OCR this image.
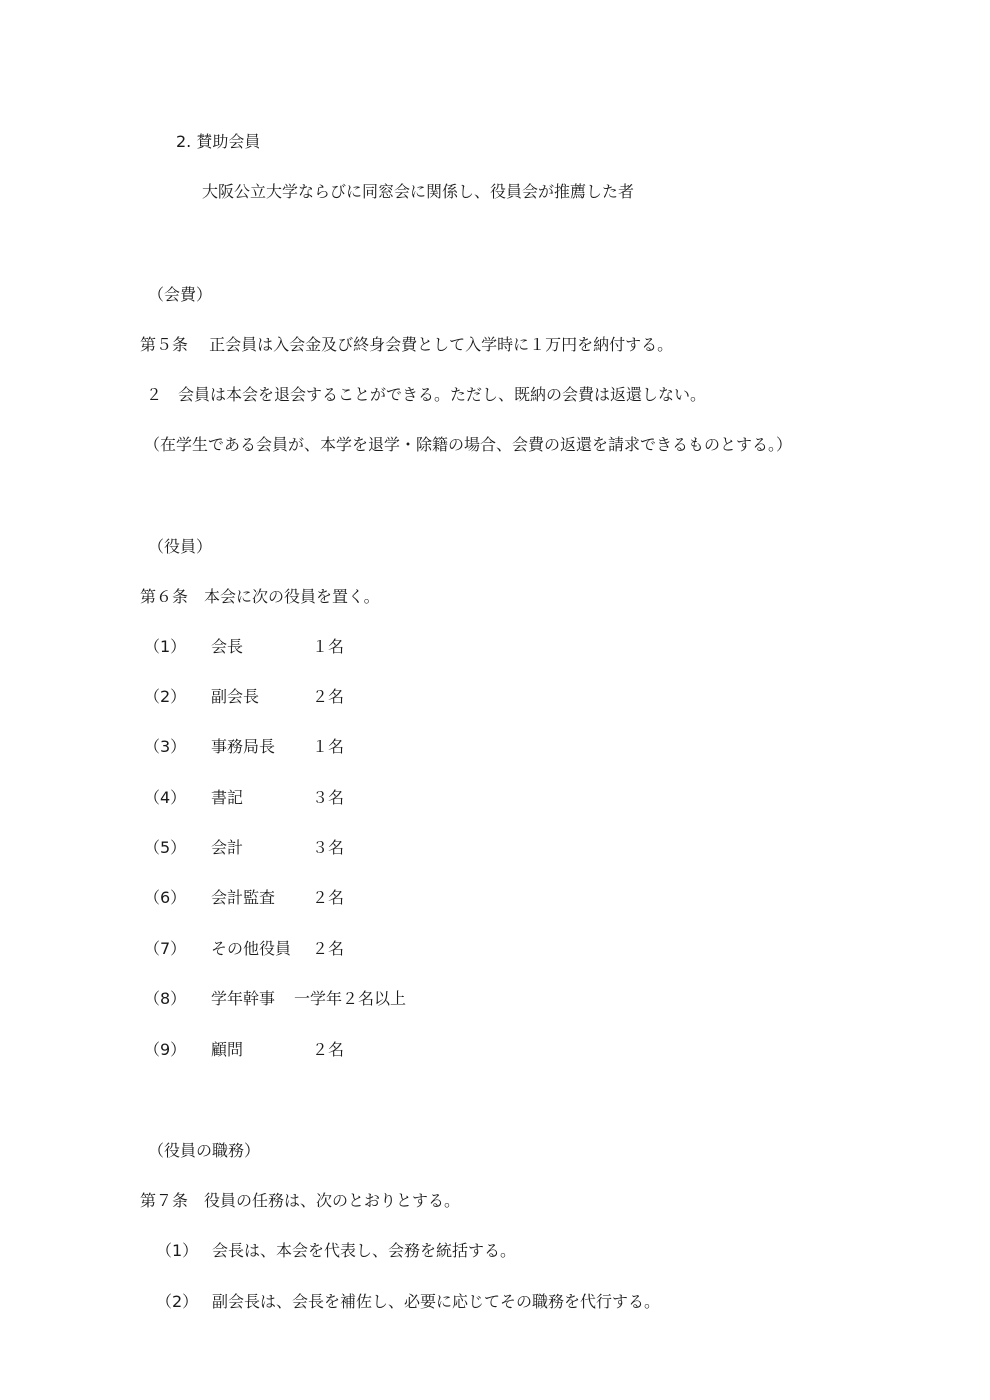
2. 賛助会員
大阪公立大学ならびに同窓会に関係し、役員会が推薦した者
（会費）
第５条　 正会員は入会金及び終身会費として入学時に１万円を納付する。
２　会員は本会を退会することができる。ただし、既納の会費は返還しない。
（在学生である会員が、本学を退学・除籍の場合、会費の返還を請求できるものとする。）
（役員）
第６条　本会に次の役員を置く。
（1） 会長	１名
（2） 副会長	２名
（3） 事務局長 １名
（4） 書記	３名
（5） 会計	３名
（6） 会計監査 ２名
（7） その他役員 ２名
（8） 学年幹事 一学年２名以上
（9） 顧問	２名
（役員の職務）
第７条　役員の任務は、次のとおりとする。
（1） 会長は、本会を代表し、会務を統括する。
（2） 副会長は、会長を補佐し、必要に応じてその職務を代行する。
